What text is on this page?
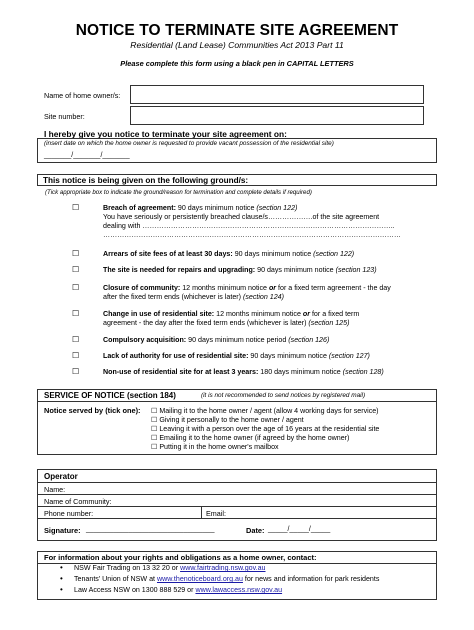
NOTICE TO TERMINATE SITE AGREEMENT
Residential (Land Lease) Communities Act 2013 Part 11
Please complete this form using a black pen in CAPITAL LETTERS
Name of home owner/s:
Site number:
I hereby give you notice to terminate your site agreement on:
(insert date on which the home owner is requested to provide vacant possession of the residential site)
_______/_______/_______
This notice is being given on the following ground/s:
(Tick appropriate box to indicate the ground/reason for termination and complete details if required)
☐	Breach of agreement: 90 days minimum notice (section 122)
You have seriously or persistently breached clause/s……………….of the site agreement
dealing with ……………………………………………………………………………………………..
………………………………………………………………………………………………………………
☐	Arrears of site fees of at least 30 days: 90 days minimum notice (section 122)
☐	The site is needed for repairs and upgrading: 90 days minimum notice (section 123)
☐	Closure of community: 12 months minimum notice or for a fixed term agreement - the day
after the fixed term ends (whichever is later) (section 124)
☐	Change in use of residential site: 12 months minimum notice or for a fixed term
agreement - the day after the fixed term ends (whichever is later) (section 125)
☐	Compulsory acquisition: 90 days minimum notice period (section 126)
☐	Lack of authority for use of residential site: 90 days minimum notice (section 127)
☐	Non-use of residential site for at least 3 years: 180 days minimum notice (section 128)
SERVICE OF NOTICE (section 184)	(it is not recommended to send notices by registered mail)
Notice served by (tick one): ☐ Mailing it to the home owner / agent (allow 4 working days for service)
☐ Giving it personally to the home owner / agent
☐ Leaving it with a person over the age of 16 years at the residential site
☐ Emailing it to the home owner (if agreed by the home owner)
☐ Putting it in the home owner's mailbox
Operator
Name:
Name of Community:
Phone number:	Email:
Signature: _________________________________	Date: _____/_____/_____
For information about your rights and obligations as a home owner, contact:
• NSW Fair Trading on 13 32 20 or www.fairtrading.nsw.gov.au
• Tenants' Union of NSW at www.thenoticeboard.org.au for news and information for park residents
• Law Access NSW on 1300 888 529 or www.lawaccess.nsw.gov.au
